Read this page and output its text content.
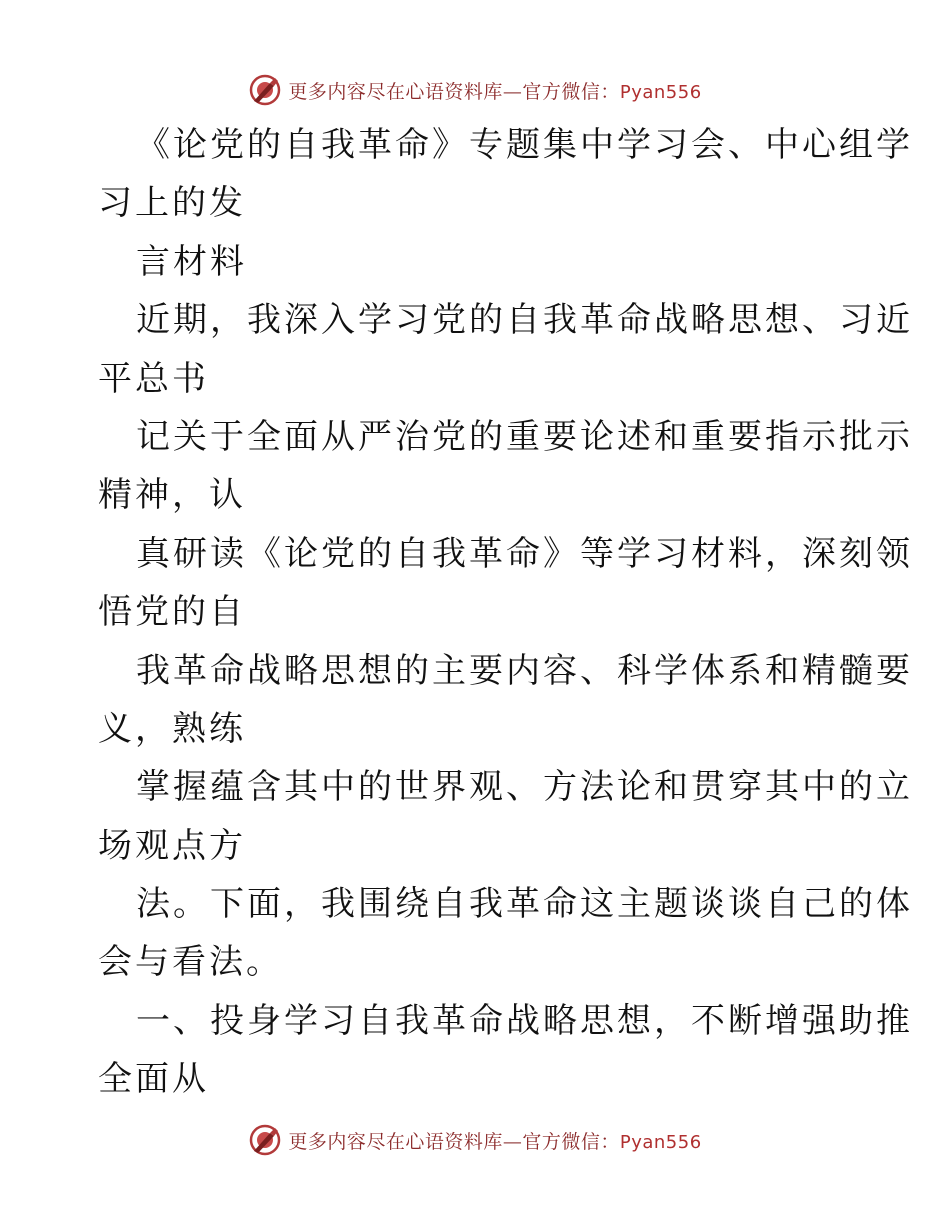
更多内容尽在心语资料库—官方微信：Pyan556
《论党的自我革命》专题集中学习会、中心组学
习上的发
言材料
近期，我深入学习党的自我革命战略思想、习近
平总书
记关于全面从严治党的重要论述和重要指示批示
精神，认
真研读《论党的自我革命》等学习材料，深刻领
悟党的自
我革命战略思想的主要内容、科学体系和精髓要
义，熟练
掌握蕴含其中的世界观、方法论和贯穿其中的立
场观点方
法。下面，我围绕自我革命这主题谈谈自己的体
会与看法。
一、投身学习自我革命战略思想，不断增强助推
全面从
更多内容尽在心语资料库—官方微信：Pyan556
